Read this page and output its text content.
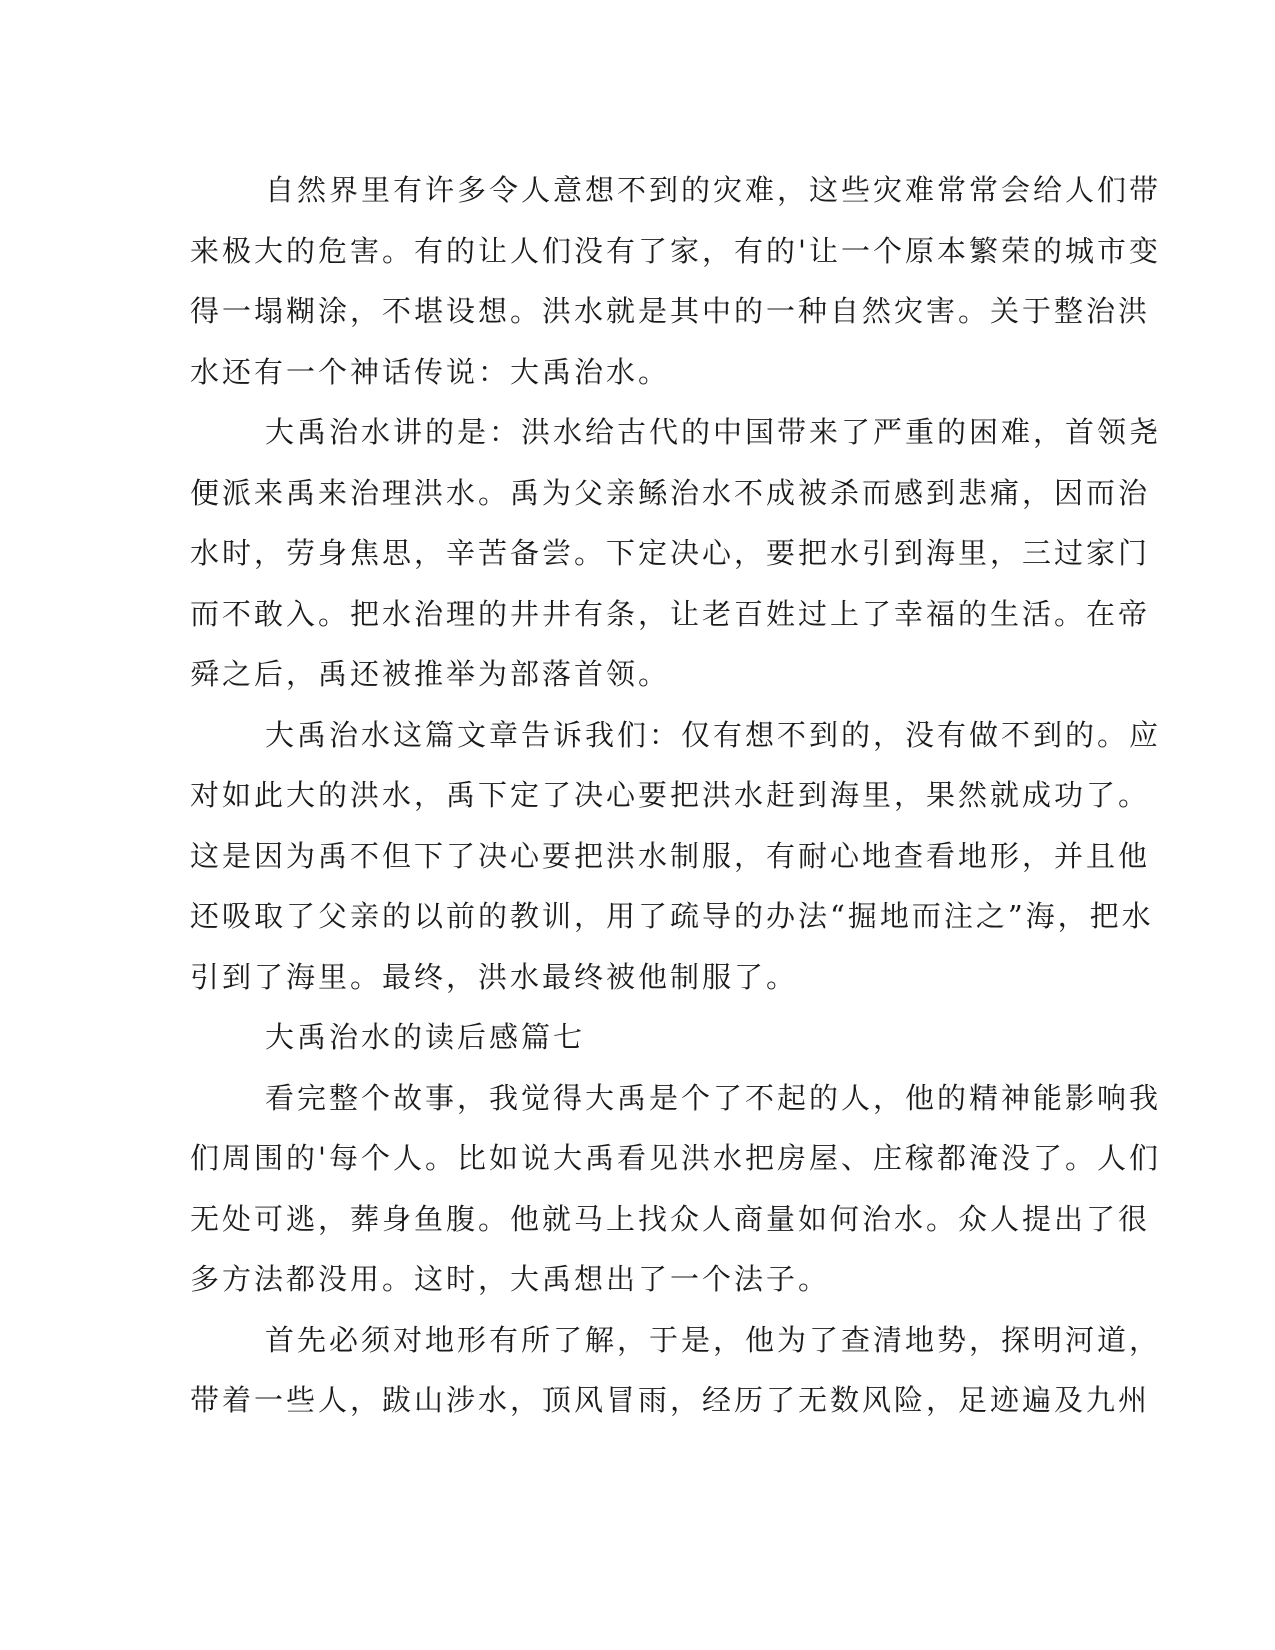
自然界里有许多令人意想不到的灾难，这些灾难常常会给人们带
来极大的危害。有的让人们没有了家，有的'让一个原本繁荣的城市变
得一塌糊涂，不堪设想。洪水就是其中的一种自然灾害。关于整治洪
水还有一个神话传说：大禹治水。

大禹治水讲的是：洪水给古代的中国带来了严重的困难，首领尧
便派来禹来治理洪水。禹为父亲鲧治水不成被杀而感到悲痛，因而治
水时，劳身焦思，辛苦备尝。下定决心，要把水引到海里，三过家门
而不敢入。把水治理的井井有条，让老百姓过上了幸福的生活。在帝
舜之后，禹还被推举为部落首领。

大禹治水这篇文章告诉我们：仅有想不到的，没有做不到的。应
对如此大的洪水，禹下定了决心要把洪水赶到海里，果然就成功了。
这是因为禹不但下了决心要把洪水制服，有耐心地查看地形，并且他
还吸取了父亲的以前的教训，用了疏导的办法“掘地而注之”海，把水
引到了海里。最终，洪水最终被他制服了。

大禹治水的读后感篇七

看完整个故事，我觉得大禹是个了不起的人，他的精神能影响我
们周围的'每个人。比如说大禹看见洪水把房屋、庄稼都淹没了。人们
无处可逃，葬身鱼腹。他就马上找众人商量如何治水。众人提出了很
多方法都没用。这时，大禹想出了一个法子。

首先必须对地形有所了解，于是，他为了查清地势，探明河道，
带着一些人，跋山涉水，顶风冒雨，经历了无数风险，足迹遍及九州
